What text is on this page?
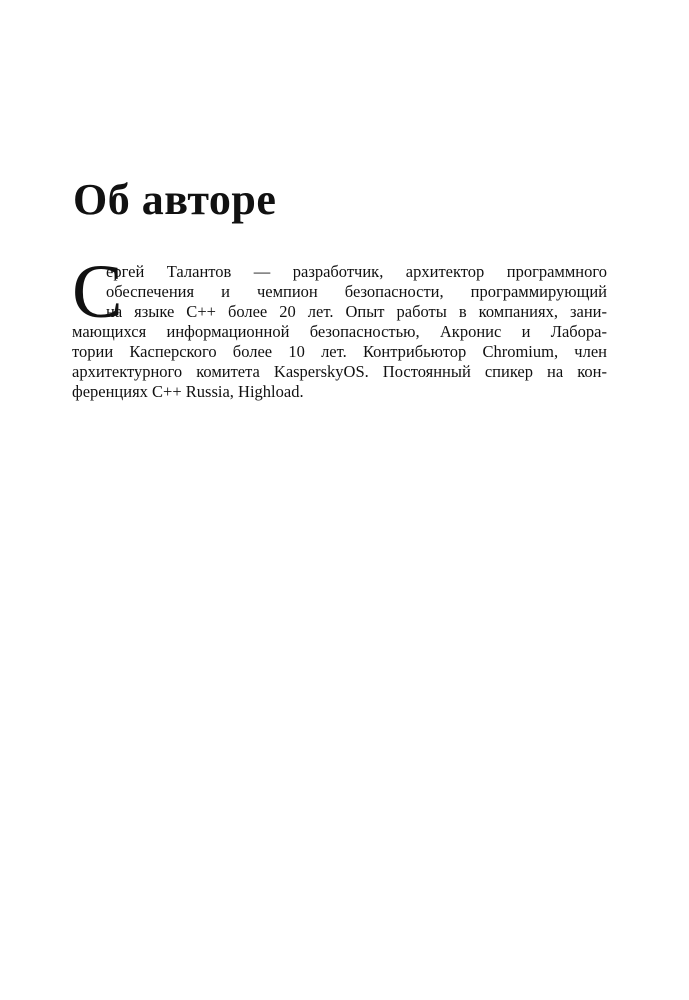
Об авторе
С
ергей Талантов — разработчик, архитектор программного
обеспечения и чемпион безопасности, программирующий
на языке C++ более 20 лет. Опыт работы в компаниях, зани-
мающихся информационной безопасностью, Акронис и Лабора-
тории Касперского более 10 лет. Контрибьютор Chromium, член
архитектурного комитета KasperskyOS. Постоянный спикер на кон-
ференциях C++ Russia, Highload.
